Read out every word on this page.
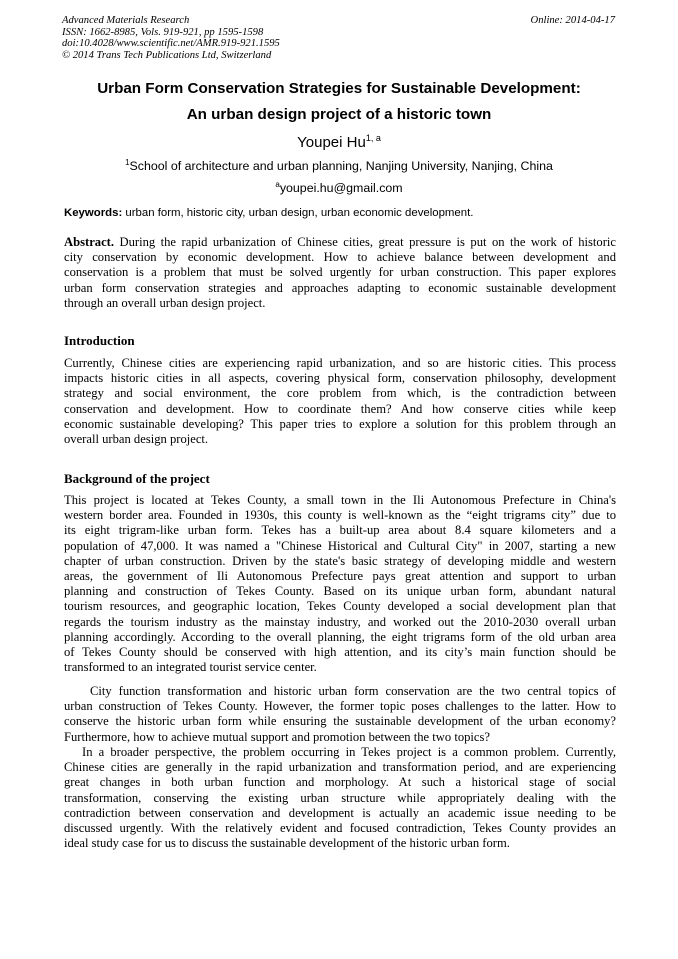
Advanced Materials Research
ISSN: 1662-8985, Vols. 919-921, pp 1595-1598
doi:10.4028/www.scientific.net/AMR.919-921.1595
© 2014 Trans Tech Publications Ltd, Switzerland
Online: 2014-04-17
Urban Form Conservation Strategies for Sustainable Development:
An urban design project of a historic town
Youpei Hu$^{1, a}$
$^1$School of architecture and urban planning, Nanjing University, Nanjing, China
$^a$youpei.hu@gmail.com
Keywords: urban form, historic city, urban design, urban economic development.
Abstract. During the rapid urbanization of Chinese cities, great pressure is put on the work of historic
city conservation by economic development. How to achieve balance between development and
conservation is a problem that must be solved urgently for urban construction. This paper explores
urban form conservation strategies and approaches adapting to economic sustainable development
through an overall urban design project.
Introduction
Currently, Chinese cities are experiencing rapid urbanization, and so are historic cities. This process
impacts historic cities in all aspects, covering physical form, conservation philosophy, development
strategy and social environment, the core problem from which, is the contradiction between
conservation and development. How to coordinate them? And how conserve cities while keep
economic sustainable developing? This paper tries to explore a solution for this problem through an
overall urban design project.
Background of the project
This project is located at Tekes County, a small town in the Ili Autonomous Prefecture in China's
western border area. Founded in 1930s, this county is well-known as the “eight trigrams city” due to
its eight trigram-like urban form. Tekes has a built-up area about 8.4 square kilometers and a
population of 47,000. It was named a "Chinese Historical and Cultural City" in 2007, starting a new
chapter of urban construction. Driven by the state's basic strategy of developing middle and western
areas, the government of Ili Autonomous Prefecture pays great attention and support to urban
planning and construction of Tekes County. Based on its unique urban form, abundant natural
tourism resources, and geographic location, Tekes County developed a social development plan that
regards the tourism industry as the mainstay industry, and worked out the 2010-2030 overall urban
planning accordingly. According to the overall planning, the eight trigrams form of the old urban area
of Tekes County should be conserved with high attention, and its city’s main function should be
transformed to an integrated tourist service center.
City function transformation and historic urban form conservation are the two central topics of
urban construction of Tekes County. However, the former topic poses challenges to the latter. How to
conserve the historic urban form while ensuring the sustainable development of the urban economy?
Furthermore, how to achieve mutual support and promotion between the two topics?
In a broader perspective, the problem occurring in Tekes project is a common problem. Currently,
Chinese cities are generally in the rapid urbanization and transformation period, and are experiencing
great changes in both urban function and morphology. At such a historical stage of social
transformation, conserving the existing urban structure while appropriately dealing with the
contradiction between conservation and development is actually an academic issue needing to be
discussed urgently. With the relatively evident and focused contradiction, Tekes County provides an
ideal study case for us to discuss the sustainable development of the historic urban form.
